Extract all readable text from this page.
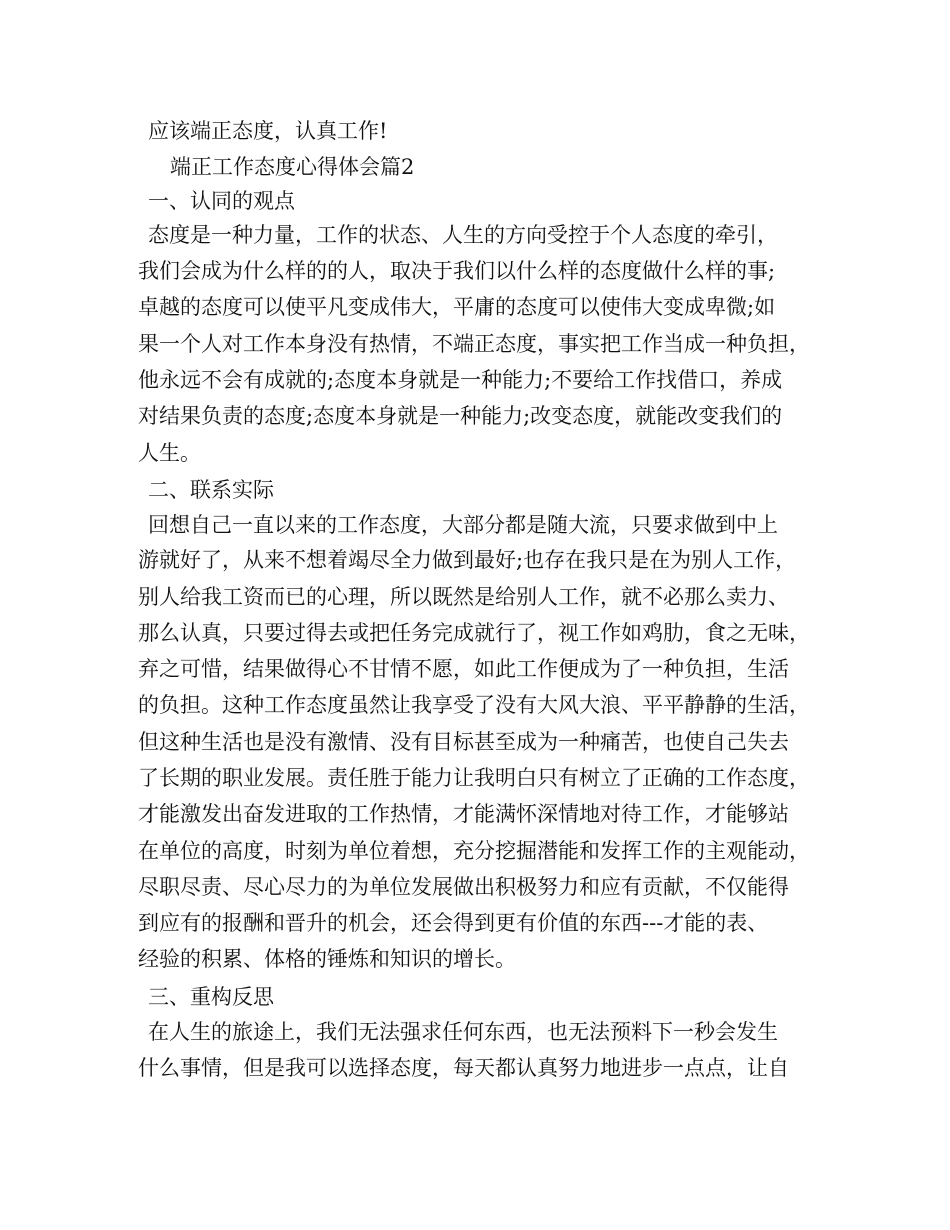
应该端正态度，认真工作!
端正工作态度心得体会篇2
一、认同的观点
态度是一种力量，工作的状态、人生的方向受控于个人态度的牵引，
我们会成为什么样的的人，取决于我们以什么样的态度做什么样的事;
卓越的态度可以使平凡变成伟大，平庸的态度可以使伟大变成卑微;如
果一个人对工作本身没有热情，不端正态度，事实把工作当成一种负担，
他永远不会有成就的;态度本身就是一种能力;不要给工作找借口，养成
对结果负责的态度;态度本身就是一种能力;改变态度，就能改变我们的
人生。
二、联系实际
回想自己一直以来的工作态度，大部分都是随大流，只要求做到中上
游就好了，从来不想着竭尽全力做到最好;也存在我只是在为别人工作，
别人给我工资而已的心理，所以既然是给别人工作，就不必那么卖力、
那么认真，只要过得去或把任务完成就行了，视工作如鸡肋，食之无味，
弃之可惜，结果做得心不甘情不愿，如此工作便成为了一种负担，生活
的负担。这种工作态度虽然让我享受了没有大风大浪、平平静静的生活，
但这种生活也是没有激情、没有目标甚至成为一种痛苦，也使自己失去
了长期的职业发展。责任胜于能力让我明白只有树立了正确的工作态度，
才能激发出奋发进取的工作热情，才能满怀深情地对待工作，才能够站
在单位的高度，时刻为单位着想，充分挖掘潜能和发挥工作的主观能动，
尽职尽责、尽心尽力的为单位发展做出积极努力和应有贡献，不仅能得
到应有的报酬和晋升的机会，还会得到更有价值的东西---才能的表、
经验的积累、体格的锤炼和知识的增长。
三、重构反思
在人生的旅途上，我们无法强求任何东西，也无法预料下一秒会发生
什么事情，但是我可以选择态度，每天都认真努力地进步一点点，让自
